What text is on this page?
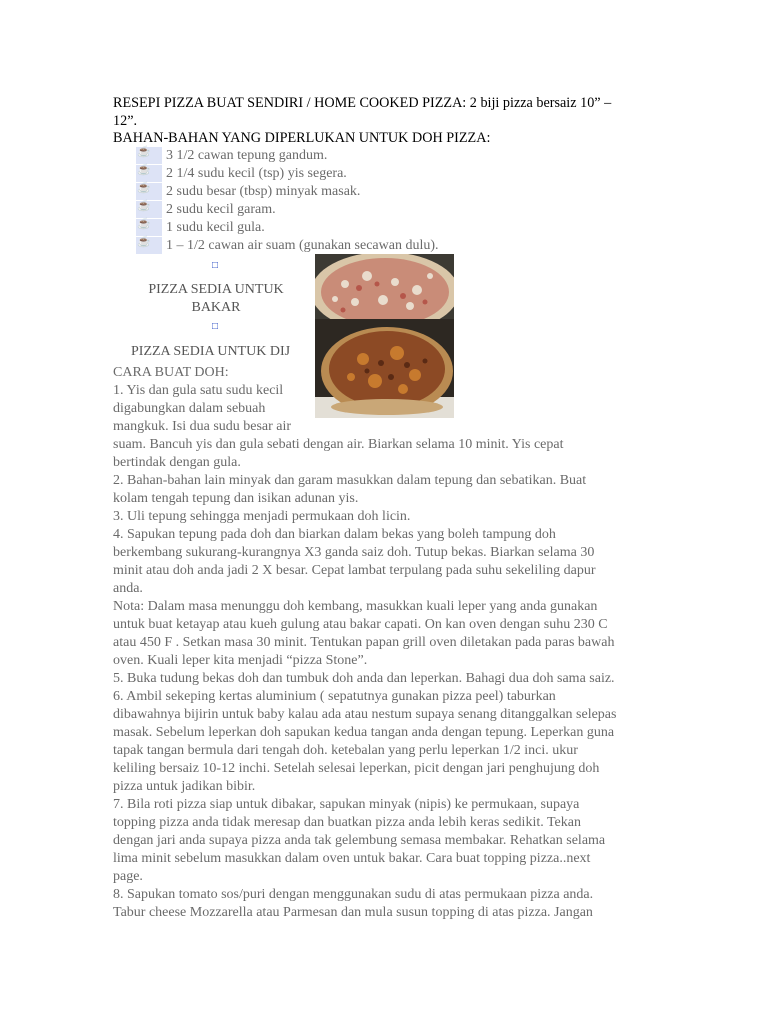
RESEPI PIZZA BUAT SENDIRI / HOME COOKED PIZZA: 2 biji pizza bersaiz 10” –
12”.
BAHAN-BAHAN YANG DIPERLUKAN UNTUK DOH PIZZA:
☕ 3 1/2 cawan tepung gandum.
☕ 2 1/4 sudu kecil (tsp) yis segera.
☕ 2 sudu besar (tbsp) minyak masak.
☕ 2 sudu kecil garam.
☕ 1 sudu kecil gula.
☕ 1 – 1/2 cawan air suam (gunakan secawan dulu).
□
PIZZA SEDIA UNTUK
BAKAR
□
PIZZA SEDIA UNTUK DIJ
CARA BUAT DOH:
1. Yis dan gula satu sudu kecil
digabungkan dalam sebuah
mangkuk. Isi dua sudu besar air
suam. Bancuh yis dan gula sebati dengan air. Biarkan selama 10 minit. Yis cepat
bertindak dengan gula.
2. Bahan-bahan lain minyak dan garam masukkan dalam tepung dan sebatikan. Buat
kolam tengah tepung dan isikan adunan yis.
3. Uli tepung sehingga menjadi permukaan doh licin.
4. Sapukan tepung pada doh dan biarkan dalam bekas yang boleh tampung doh
berkembang sukurang-kurangnya X3 ganda saiz doh. Tutup bekas. Biarkan selama 30
minit atau doh anda jadi 2 X besar. Cepat lambat terpulang pada suhu sekeliling dapur
anda.
Nota: Dalam masa menunggu doh kembang, masukkan kuali leper yang anda gunakan
untuk buat ketayap atau kueh gulung atau bakar capati. On kan oven dengan suhu 230 C
atau 450 F . Setkan masa 30 minit. Tentukan papan grill oven diletakan pada paras bawah
oven. Kuali leper kita menjadi “pizza Stone”.
5. Buka tudung bekas doh dan tumbuk doh anda dan leperkan. Bahagi dua doh sama saiz.
6. Ambil sekeping kertas aluminium ( sepatutnya gunakan pizza peel) taburkan
dibawahnya bijirin untuk baby kalau ada atau nestum supaya senang ditanggalkan selepas
masak. Sebelum leperkan doh sapukan kedua tangan anda dengan tepung. Leperkan guna
tapak tangan bermula dari tengah doh. ketebalan yang perlu leperkan 1/2 inci. ukur
keliling bersaiz 10-12 inchi. Setelah selesai leperkan, picit dengan jari penghujung doh
pizza untuk jadikan bibir.
7. Bila roti pizza siap untuk dibakar, sapukan minyak (nipis) ke permukaan, supaya
topping pizza anda tidak meresap dan buatkan pizza anda lebih keras sedikit. Tekan
dengan jari anda supaya pizza anda tak gelembung semasa membakar. Rehatkan selama
lima minit sebelum masukkan dalam oven untuk bakar. Cara buat topping pizza..next
page.
8. Sapukan tomato sos/puri dengan menggunakan sudu di atas permukaan pizza anda.
Tabur cheese Mozzarella atau Parmesan dan mula susun topping di atas pizza. Jangan
